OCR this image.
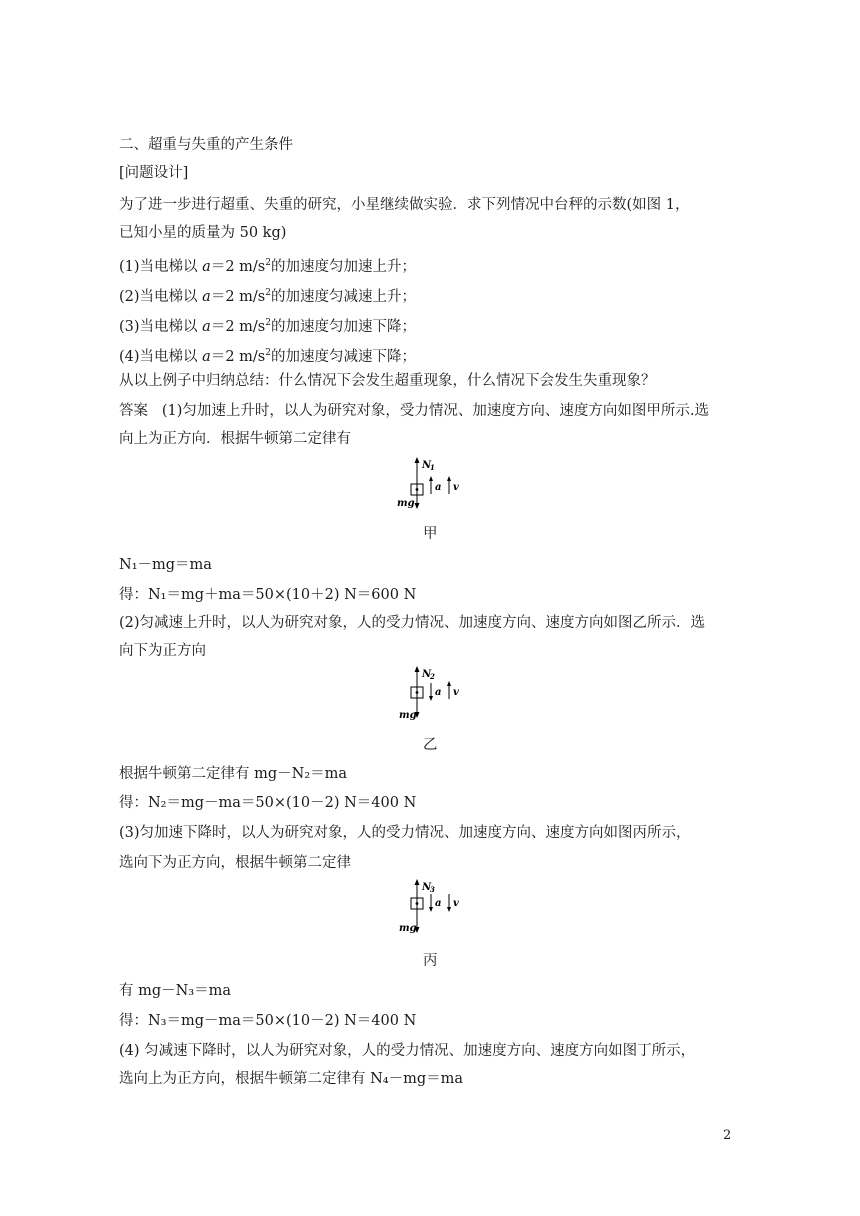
二、超重与失重的产生条件
[问题设计]
为了进一步进行超重、失重的研究，小星继续做实验．求下列情况中台秤的示数(如图 1，
已知小星的质量为 50 kg)
(1)当电梯以 a＝2 $m/s^2$的加速度匀加速上升；
(2)当电梯以 a＝2 $m/s^2$的加速度匀减速上升；
(3)当电梯以 a＝2 $m/s^2$的加速度匀加速下降；
(4)当电梯以 a＝2 $m/s^2$的加速度匀减速下降；
从以上例子中归纳总结：什么情况下会发生超重现象，什么情况下会发生失重现象？
答案 (1)匀加速上升时，以人为研究对象，受力情况、加速度方向、速度方向如图甲所示.选
向上为正方向．根据牛顿第二定律有
N
1
a v
mg
甲
N₁－mg＝ma
得：N₁＝mg＋ma＝50×(10＋2) N＝600 N
(2)匀减速上升时，以人为研究对象，人的受力情况、加速度方向、速度方向如图乙所示．选
向下为正方向
N
2
a v
mg
乙
根据牛顿第二定律有 mg－N₂＝ma
得：N₂＝mg－ma＝50×(10－2) N＝400 N
(3)匀加速下降时，以人为研究对象，人的受力情况、加速度方向、速度方向如图丙所示，
选向下为正方向，根据牛顿第二定律
N
3
a v
mg
丙
有 mg－N₃＝ma
得：N₃＝mg－ma＝50×(10－2) N＝400 N
(4) 匀减速下降时，以人为研究对象，人的受力情况、加速度方向、速度方向如图丁所示，
选向上为正方向，根据牛顿第二定律有 N₄－mg＝ma
2
